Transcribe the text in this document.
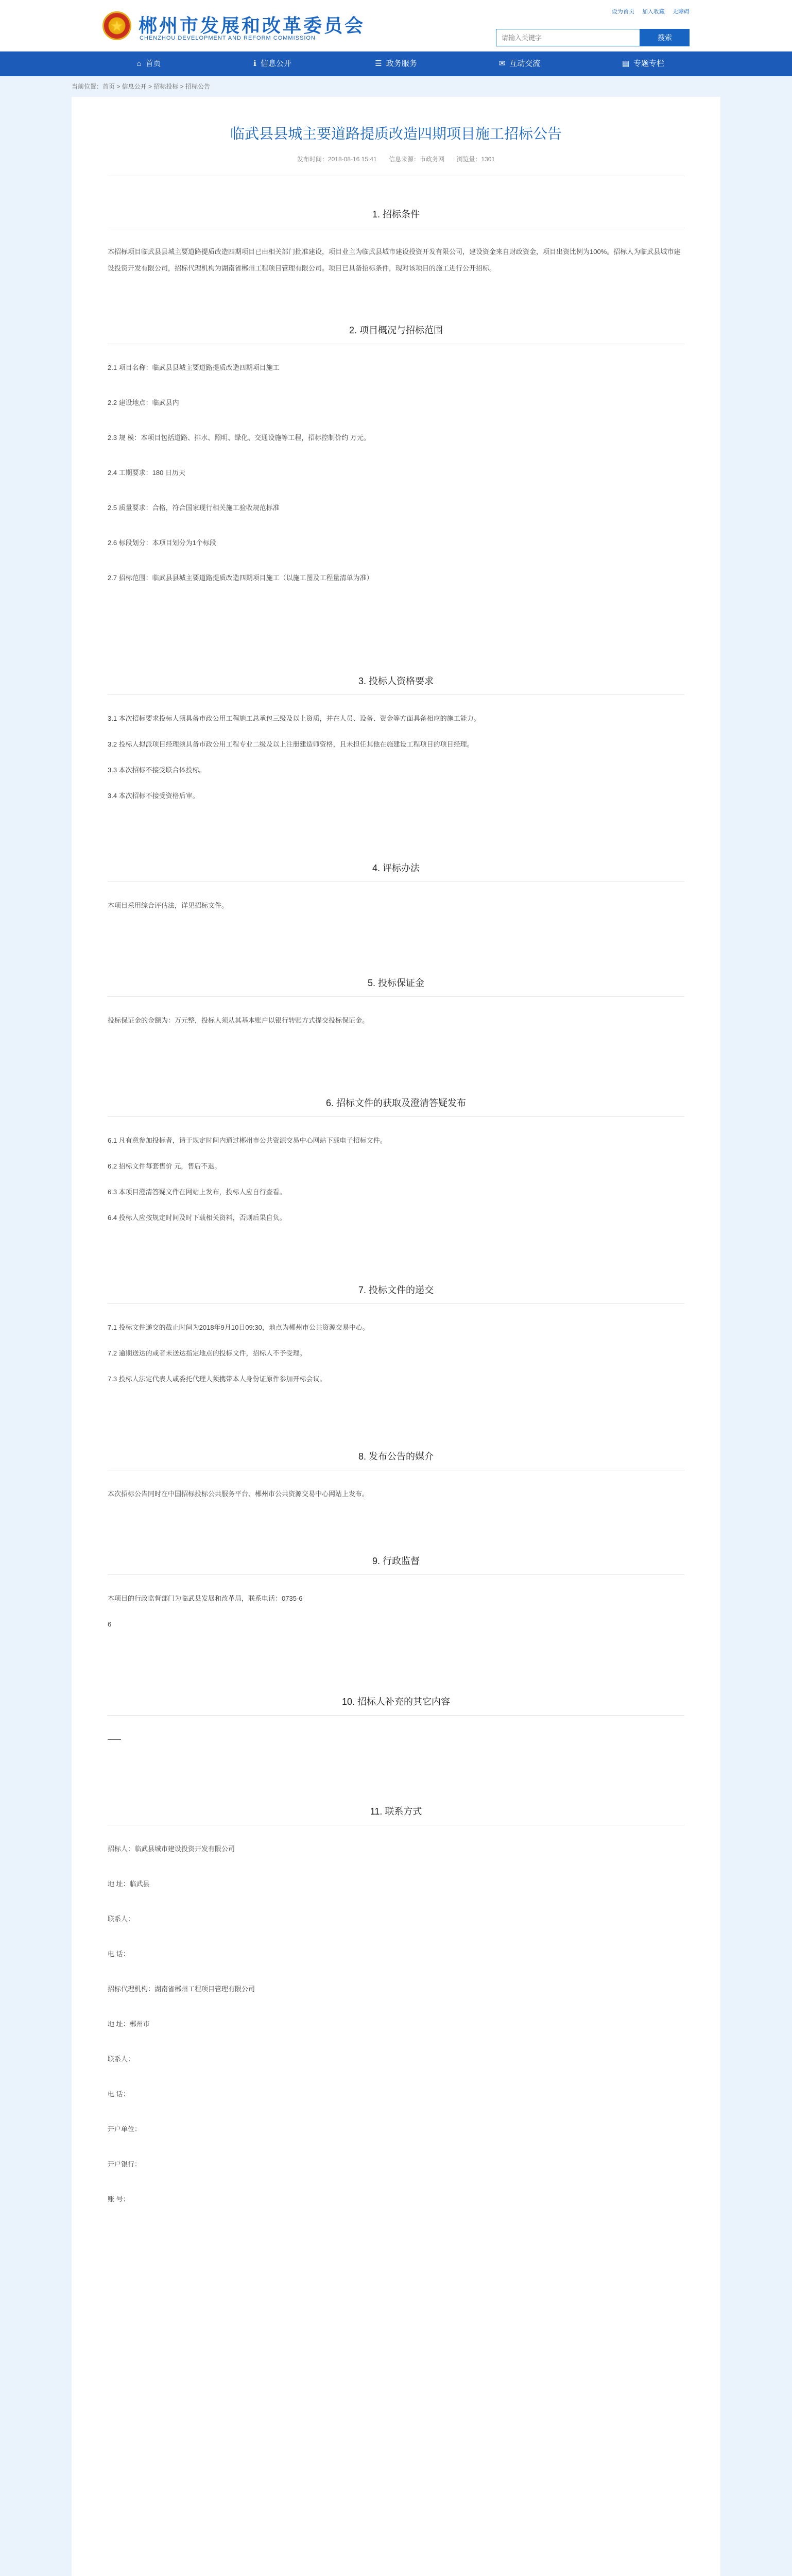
★
郴州市发展和改革委员会
CHENZHOU DEVELOPMENT AND REFORM COMMISSION
设为首页 加入收藏 无障碍
请输入关键字
搜索
⌂ 首页	ℹ 信息公开	☰ 政务服务	✉ 互动交流	▤ 专题专栏
当前位置：首页 > 信息公开 > 招标投标 > 招标公告
临武县县城主要道路提质改造四期项目施工招标公告
发布时间：2018-08-16 15:41 信息来源：市政务网 浏览量：1301
1. 招标条件
本招标项目临武县县城主要道路提质改造四期项目已由相关部门批准建设，项目业主为临武县城市建设投资开发有限公司，建设资金来自财政资金，项目出资比例为100%。招标人为临武县城市建设投资开发有限公司，招标代理机构为湖南省郴州工程项目管理有限公司。项目已具备招标条件，现对该项目的施工进行公开招标。
2. 项目概况与招标范围
2.1 项目名称：临武县县城主要道路提质改造四期项目施工
2.2 建设地点：临武县内
2.3 规 模：本项目包括道路、排水、照明、绿化、交通设施等工程，招标控制价约 万元。
2.4 工期要求：180 日历天
2.5 质量要求：合格，符合国家现行相关施工验收规范标准
2.6 标段划分：本项目划分为1个标段
2.7 招标范围：临武县县城主要道路提质改造四期项目施工（以施工图及工程量清单为准）
3. 投标人资格要求
3.1 本次招标要求投标人须具备市政公用工程施工总承包三级及以上资质，并在人员、设备、资金等方面具备相应的施工能力。
3.2 投标人拟派项目经理须具备市政公用工程专业二级及以上注册建造师资格，且未担任其他在施建设工程项目的项目经理。
3.3 本次招标不接受联合体投标。
3.4 本次招标不接受资格后审。
4. 评标办法
本项目采用综合评估法，详见招标文件。
5. 投标保证金
投标保证金的金额为：万元整，投标人须从其基本账户以银行转账方式提交投标保证金。
6. 招标文件的获取及澄清答疑发布
6.1 凡有意参加投标者，请于规定时间内通过郴州市公共资源交易中心网站下载电子招标文件。
6.2 招标文件每套售价 元，售后不退。
6.3 本项目澄清答疑文件在网站上发布，投标人应自行查看。
6.4 投标人应按规定时间及时下载相关资料，否则后果自负。
7. 投标文件的递交
7.1 投标文件递交的截止时间为2018年9月10日09:30，地点为郴州市公共资源交易中心。
7.2 逾期送达的或者未送达指定地点的投标文件，招标人不予受理。
7.3 投标人法定代表人或委托代理人须携带本人身份证原件参加开标会议。
8. 发布公告的媒介
本次招标公告同时在中国招标投标公共服务平台、郴州市公共资源交易中心网站上发布。
9. 行政监督
本项目的行政监督部门为临武县发展和改革局，联系电话：0735-6
6
10. 招标人补充的其它内容
——
11. 联系方式
招标人：临武县城市建设投资开发有限公司
地 址：临武县
联系人：
电 话：
招标代理机构：湖南省郴州工程项目管理有限公司
地 址：郴州市
联系人：
电 话：
开户单位：
开户银行：
账 号：
